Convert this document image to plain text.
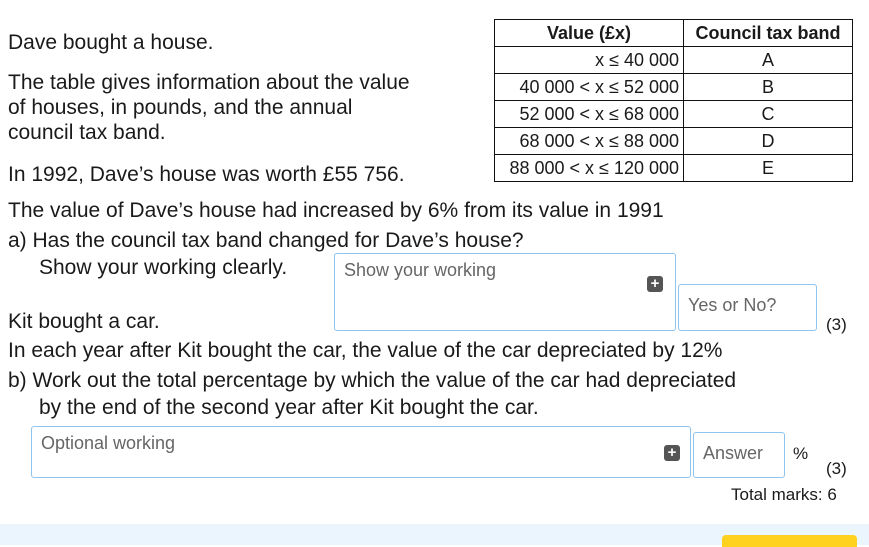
Dave bought a house.
The table gives information about the value
of houses, in pounds, and the annual
council tax band.
In 1992, Dave’s house was worth £55 756.
The value of Dave’s house had increased by 6% from its value in 1991
Value (£x)	Council tax band
x ≤ 40 000	A
40 000 < x ≤ 52 000	B
52 000 < x ≤ 68 000	C
68 000 < x ≤ 88 000	D
88 000 < x ≤ 120 000	E
a) Has the council tax band changed for Dave’s house?
Show your working clearly.	Show your working
+
Yes or No?
(3)
Kit bought a car.
In each year after Kit bought the car, the value of the car depreciated by 12%
b) Work out the total percentage by which the value of the car had depreciated
by the end of the second year after Kit bought the car.
Optional working	+	Answer	%
(3)
Total marks: 6
